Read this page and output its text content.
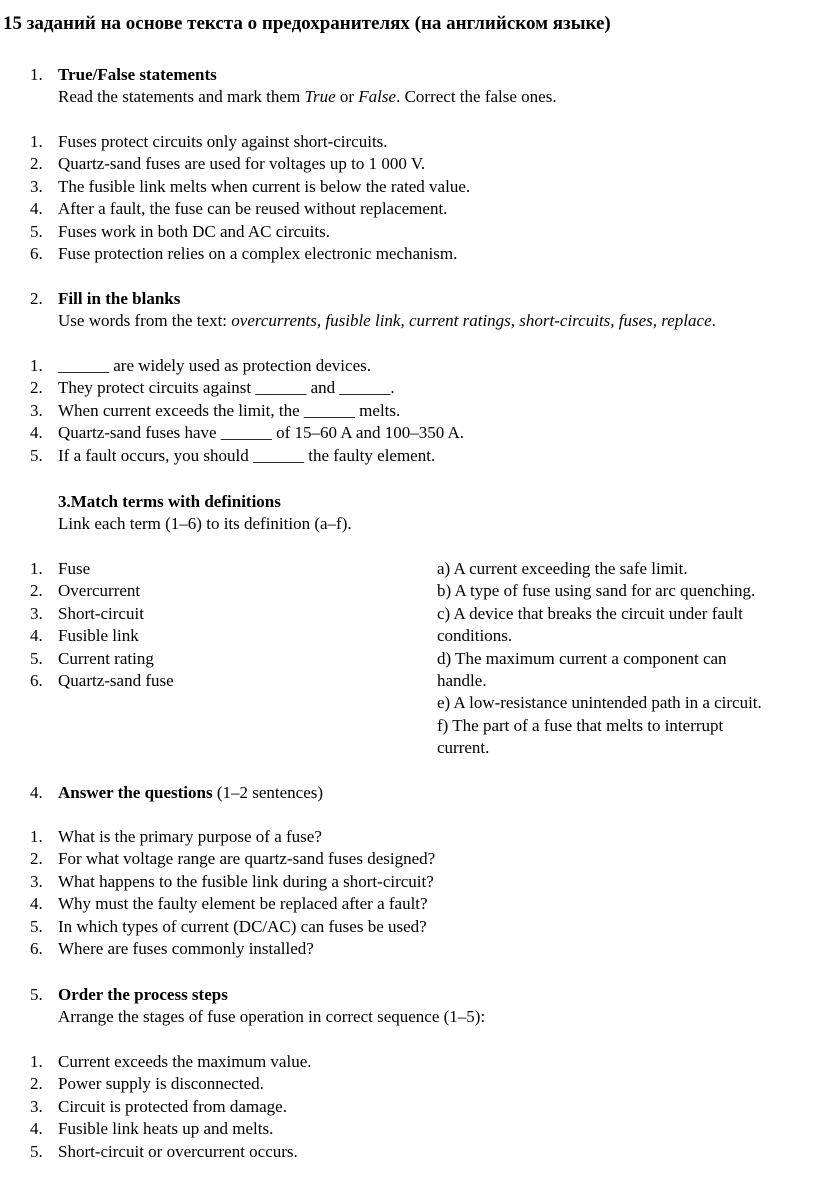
15 заданий на основе текста о предохранителях (на английском языке)
1. True/False statements
Read the statements and mark them True or False. Correct the false ones.
1. Fuses protect circuits only against short-circuits.
2. Quartz-sand fuses are used for voltages up to 1 000 V.
3. The fusible link melts when current is below the rated value.
4. After a fault, the fuse can be reused without replacement.
5. Fuses work in both DC and AC circuits.
6. Fuse protection relies on a complex electronic mechanism.
2. Fill in the blanks
Use words from the text: overcurrents, fusible link, current ratings, short-circuits, fuses, replace.
1. ______ are widely used as protection devices.
2. They protect circuits against ______ and ______.
3. When current exceeds the limit, the ______ melts.
4. Quartz-sand fuses have ______ of 15–60 A and 100–350 A.
5. If a fault occurs, you should ______ the faulty element.
3.Match terms with definitions
Link each term (1–6) to its definition (a–f).
1. Fuse
2. Overcurrent
3. Short-circuit
4. Fusible link
5. Current rating
6. Quartz-sand fuse
a) A current exceeding the safe limit.
b) A type of fuse using sand for arc quenching.
c) A device that breaks the circuit under fault
conditions.
d) The maximum current a component can
handle.
e) A low-resistance unintended path in a circuit.
f) The part of a fuse that melts to interrupt
current.
4. Answer the questions (1–2 sentences)
1. What is the primary purpose of a fuse?
2. For what voltage range are quartz-sand fuses designed?
3. What happens to the fusible link during a short-circuit?
4. Why must the faulty element be replaced after a fault?
5. In which types of current (DC/AC) can fuses be used?
6. Where are fuses commonly installed?
5. Order the process steps
Arrange the stages of fuse operation in correct sequence (1–5):
1. Current exceeds the maximum value.
2. Power supply is disconnected.
3. Circuit is protected from damage.
4. Fusible link heats up and melts.
5. Short-circuit or overcurrent occurs.
